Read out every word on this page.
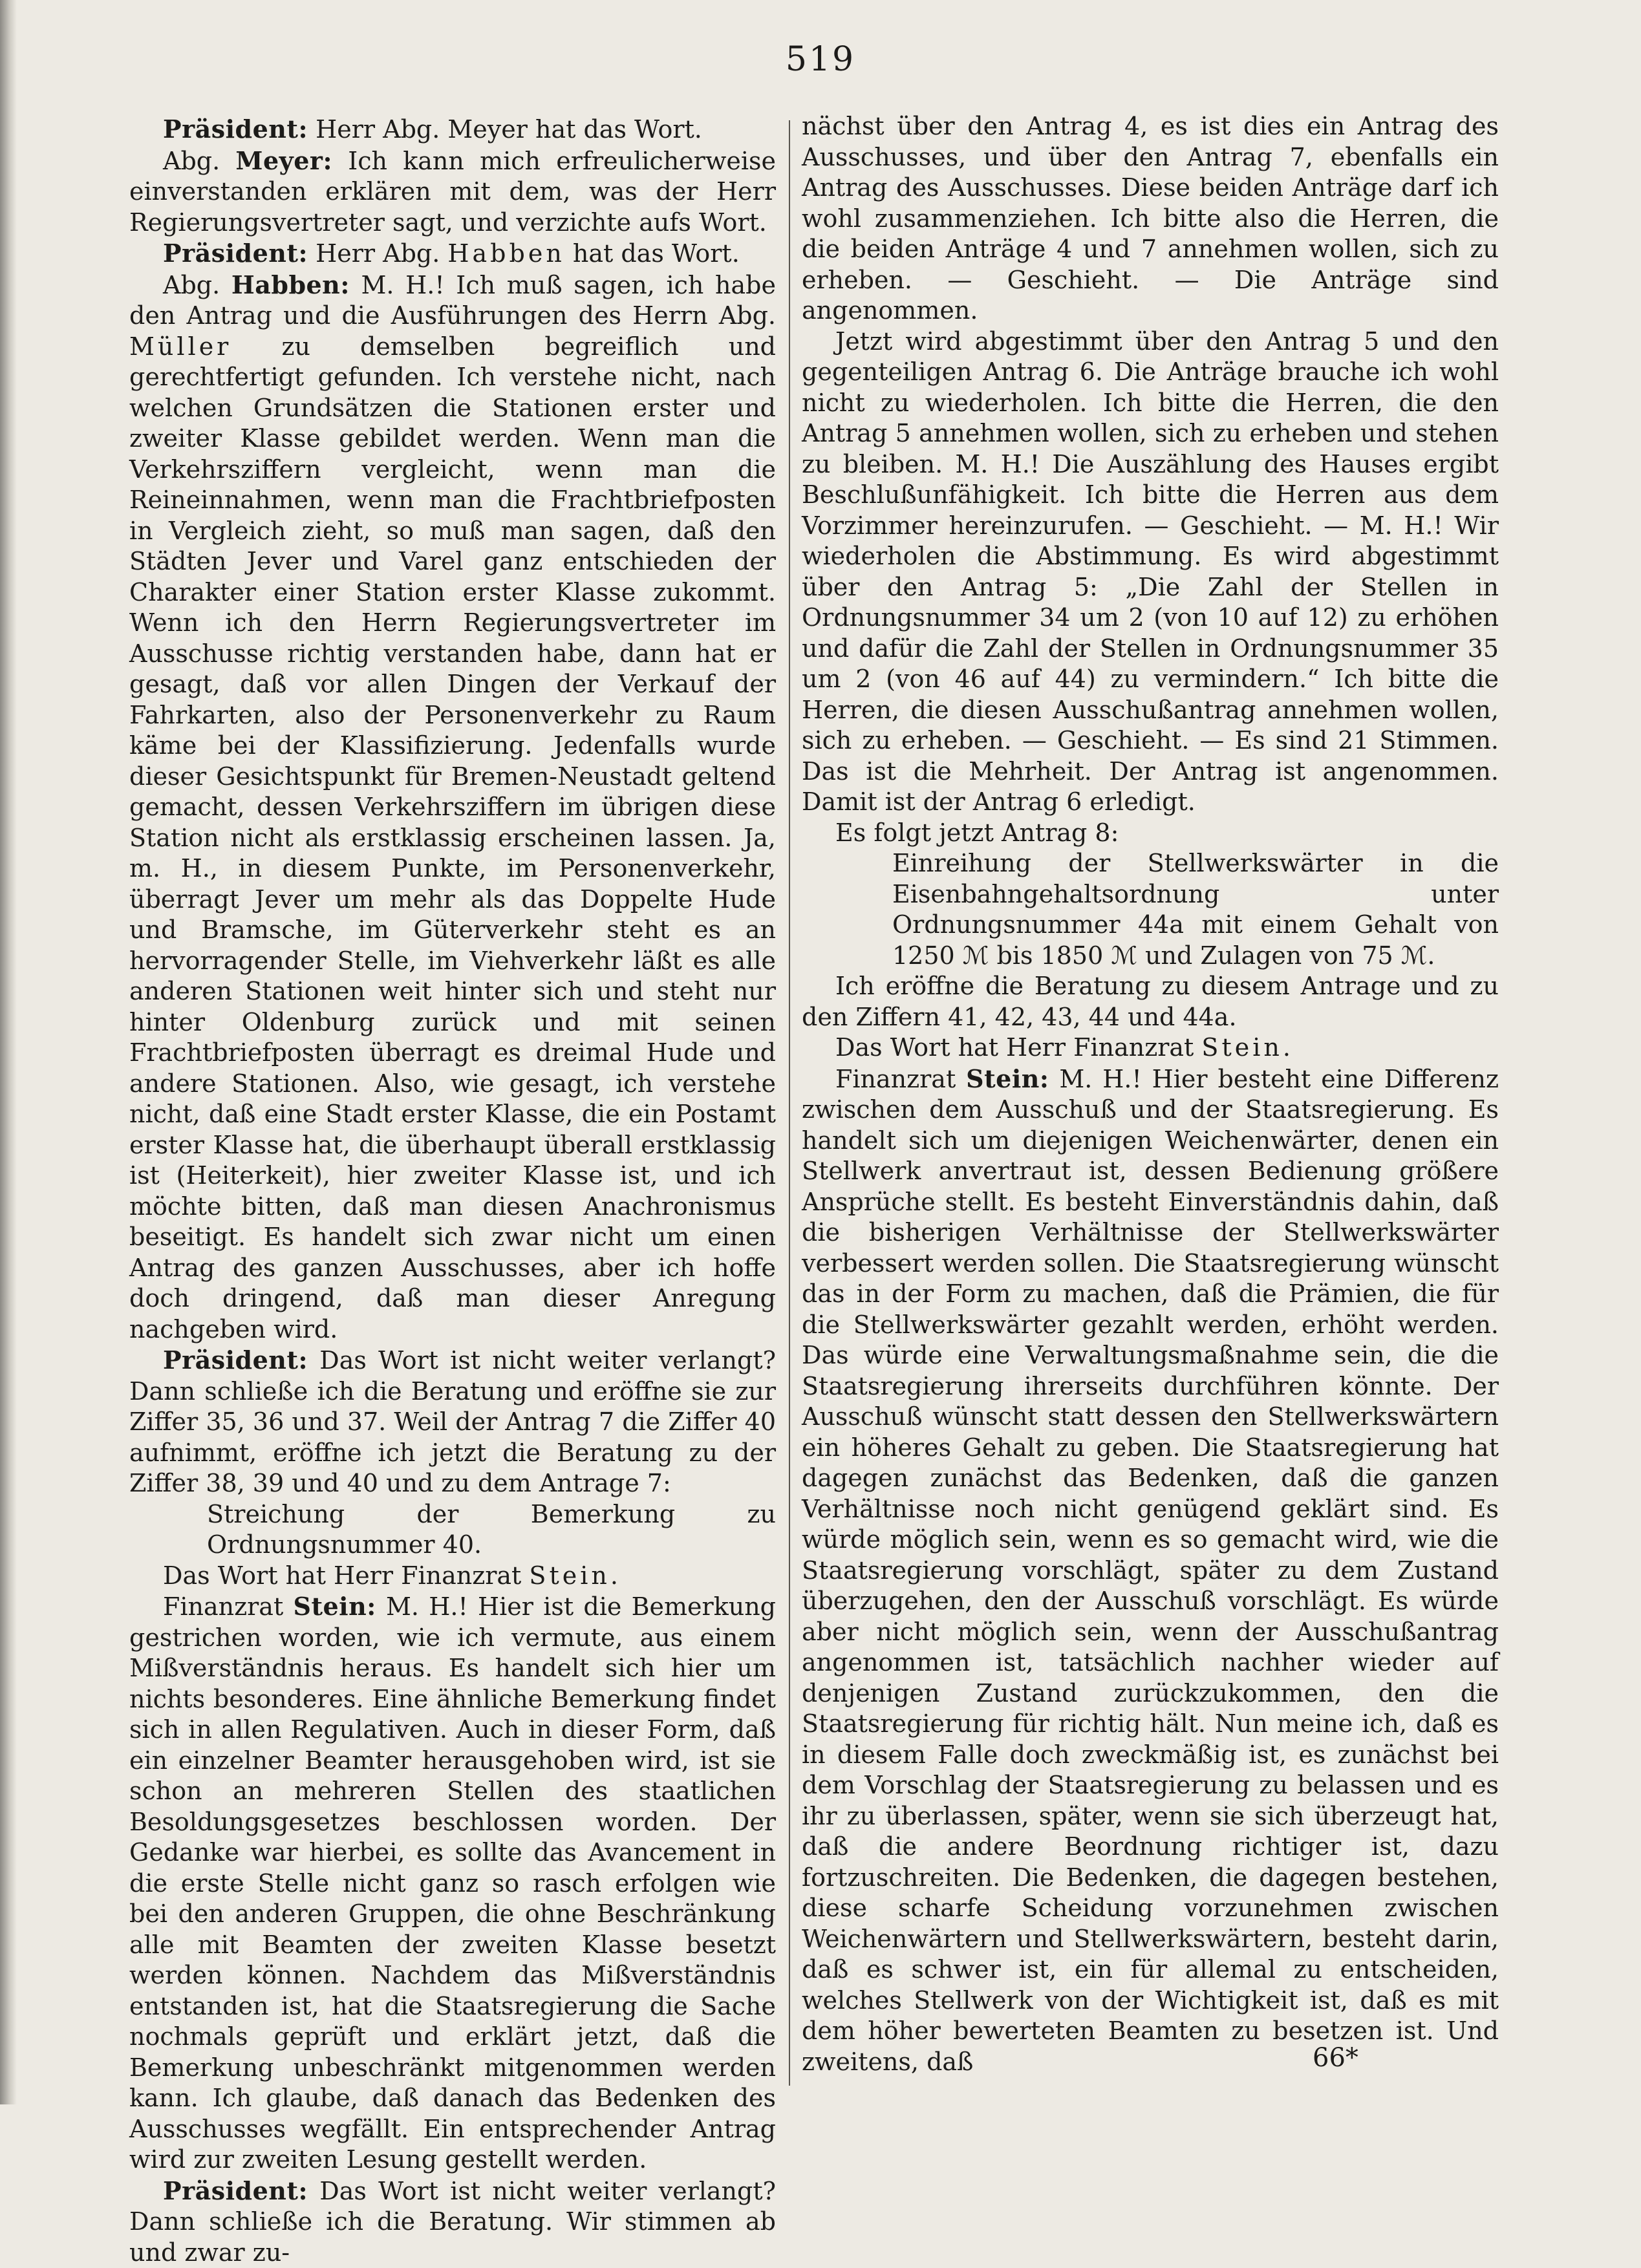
519

Präsident: Herr Abg. Meyer hat das Wort.

Abg. Meyer: Ich kann mich erfreulicherweise einverstanden erklären mit dem, was der Herr Regierungsvertreter sagt, und verzichte aufs Wort.

Präsident: Herr Abg. Habben hat das Wort.

Abg. Habben: M. H.! Ich muß sagen, ich habe den Antrag und die Ausführungen des Herrn Abg. Müller zu demselben begreiflich und gerechtfertigt gefunden. Ich verstehe nicht, nach welchen Grundsätzen die Stationen erster und zweiter Klasse gebildet werden. Wenn man die Verkehrsziffern vergleicht, wenn man die Reineinnahmen, wenn man die Frachtbriefposten in Vergleich zieht, so muß man sagen, daß den Städten Jever und Varel ganz entschieden der Charakter einer Station erster Klasse zukommt. Wenn ich den Herrn Regierungsvertreter im Ausschusse richtig verstanden habe, dann hat er gesagt, daß vor allen Dingen der Verkauf der Fahrkarten, also der Personenverkehr zu Raum käme bei der Klassifizierung. Jedenfalls wurde dieser Gesichtspunkt für Bremen-Neustadt geltend gemacht, dessen Verkehrsziffern im übrigen diese Station nicht als erstklassig erscheinen lassen. Ja, m. H., in diesem Punkte, im Personenverkehr, überragt Jever um mehr als das Doppelte Hude und Bramsche, im Güterverkehr steht es an hervorragender Stelle, im Viehverkehr läßt es alle anderen Stationen weit hinter sich und steht nur hinter Oldenburg zurück und mit seinen Frachtbriefposten überragt es dreimal Hude und andere Stationen. Also, wie gesagt, ich verstehe nicht, daß eine Stadt erster Klasse, die ein Postamt erster Klasse hat, die überhaupt überall erstklassig ist (Heiterkeit), hier zweiter Klasse ist, und ich möchte bitten, daß man diesen Anachronismus beseitigt. Es handelt sich zwar nicht um einen Antrag des ganzen Ausschusses, aber ich hoffe doch dringend, daß man dieser Anregung nachgeben wird.

Präsident: Das Wort ist nicht weiter verlangt? Dann schließe ich die Beratung und eröffne sie zur Ziffer 35, 36 und 37. Weil der Antrag 7 die Ziffer 40 aufnimmt, eröffne ich jetzt die Beratung zu der Ziffer 38, 39 und 40 und zu dem Antrage 7:

Streichung der Bemerkung zu Ordnungsnummer 40.

Das Wort hat Herr Finanzrat Stein.

Finanzrat Stein: M. H.! Hier ist die Bemerkung gestrichen worden, wie ich vermute, aus einem Mißverständnis heraus. Es handelt sich hier um nichts besonderes. Eine ähnliche Bemerkung findet sich in allen Regulativen. Auch in dieser Form, daß ein einzelner Beamter herausgehoben wird, ist sie schon an mehreren Stellen des staatlichen Besoldungsgesetzes beschlossen worden. Der Gedanke war hierbei, es sollte das Avancement in die erste Stelle nicht ganz so rasch erfolgen wie bei den anderen Gruppen, die ohne Beschränkung alle mit Beamten der zweiten Klasse besetzt werden können. Nachdem das Mißverständnis entstanden ist, hat die Staatsregierung die Sache nochmals geprüft und erklärt jetzt, daß die Bemerkung unbeschränkt mitgenommen werden kann. Ich glaube, daß danach das Bedenken des Ausschusses wegfällt. Ein entsprechender Antrag wird zur zweiten Lesung gestellt werden.

Präsident: Das Wort ist nicht weiter verlangt? Dann schließe ich die Beratung. Wir stimmen ab und zwar zu-

nächst über den Antrag 4, es ist dies ein Antrag des Ausschusses, und über den Antrag 7, ebenfalls ein Antrag des Ausschusses. Diese beiden Anträge darf ich wohl zusammenziehen. Ich bitte also die Herren, die die beiden Anträge 4 und 7 annehmen wollen, sich zu erheben. — Geschieht. — Die Anträge sind angenommen.

Jetzt wird abgestimmt über den Antrag 5 und den gegenteiligen Antrag 6. Die Anträge brauche ich wohl nicht zu wiederholen. Ich bitte die Herren, die den Antrag 5 annehmen wollen, sich zu erheben und stehen zu bleiben. M. H.! Die Auszählung des Hauses ergibt Beschlußunfähigkeit. Ich bitte die Herren aus dem Vorzimmer hereinzurufen. — Geschieht. — M. H.! Wir wiederholen die Abstimmung. Es wird abgestimmt über den Antrag 5: „Die Zahl der Stellen in Ordnungsnummer 34 um 2 (von 10 auf 12) zu erhöhen und dafür die Zahl der Stellen in Ordnungsnummer 35 um 2 (von 46 auf 44) zu vermindern.“ Ich bitte die Herren, die diesen Ausschußantrag annehmen wollen, sich zu erheben. — Geschieht. — Es sind 21 Stimmen. Das ist die Mehrheit. Der Antrag ist angenommen. Damit ist der Antrag 6 erledigt.

Es folgt jetzt Antrag 8:

Einreihung der Stellwerkswärter in die Eisenbahngehaltsordnung unter Ordnungsnummer 44a mit einem Gehalt von 1250 ℳ bis 1850 ℳ und Zulagen von 75 ℳ.

Ich eröffne die Beratung zu diesem Antrage und zu den Ziffern 41, 42, 43, 44 und 44a.

Das Wort hat Herr Finanzrat Stein.

Finanzrat Stein: M. H.! Hier besteht eine Differenz zwischen dem Ausschuß und der Staatsregierung. Es handelt sich um diejenigen Weichenwärter, denen ein Stellwerk anvertraut ist, dessen Bedienung größere Ansprüche stellt. Es besteht Einverständnis dahin, daß die bisherigen Verhältnisse der Stellwerkswärter verbessert werden sollen. Die Staatsregierung wünscht das in der Form zu machen, daß die Prämien, die für die Stellwerkswärter gezahlt werden, erhöht werden. Das würde eine Verwaltungsmaßnahme sein, die die Staatsregierung ihrerseits durchführen könnte. Der Ausschuß wünscht statt dessen den Stellwerkswärtern ein höheres Gehalt zu geben. Die Staatsregierung hat dagegen zunächst das Bedenken, daß die ganzen Verhältnisse noch nicht genügend geklärt sind. Es würde möglich sein, wenn es so gemacht wird, wie die Staatsregierung vorschlägt, später zu dem Zustand überzugehen, den der Ausschuß vorschlägt. Es würde aber nicht möglich sein, wenn der Ausschußantrag angenommen ist, tatsächlich nachher wieder auf denjenigen Zustand zurückzukommen, den die Staatsregierung für richtig hält. Nun meine ich, daß es in diesem Falle doch zweckmäßig ist, es zunächst bei dem Vorschlag der Staatsregierung zu belassen und es ihr zu überlassen, später, wenn sie sich überzeugt hat, daß die andere Beordnung richtiger ist, dazu fortzuschreiten. Die Bedenken, die dagegen bestehen, diese scharfe Scheidung vorzunehmen zwischen Weichenwärtern und Stellwerkswärtern, besteht darin, daß es schwer ist, ein für allemal zu entscheiden, welches Stellwerk von der Wichtigkeit ist, daß es mit dem höher bewerteten Beamten zu besetzen ist. Und zweitens, daß	66*
